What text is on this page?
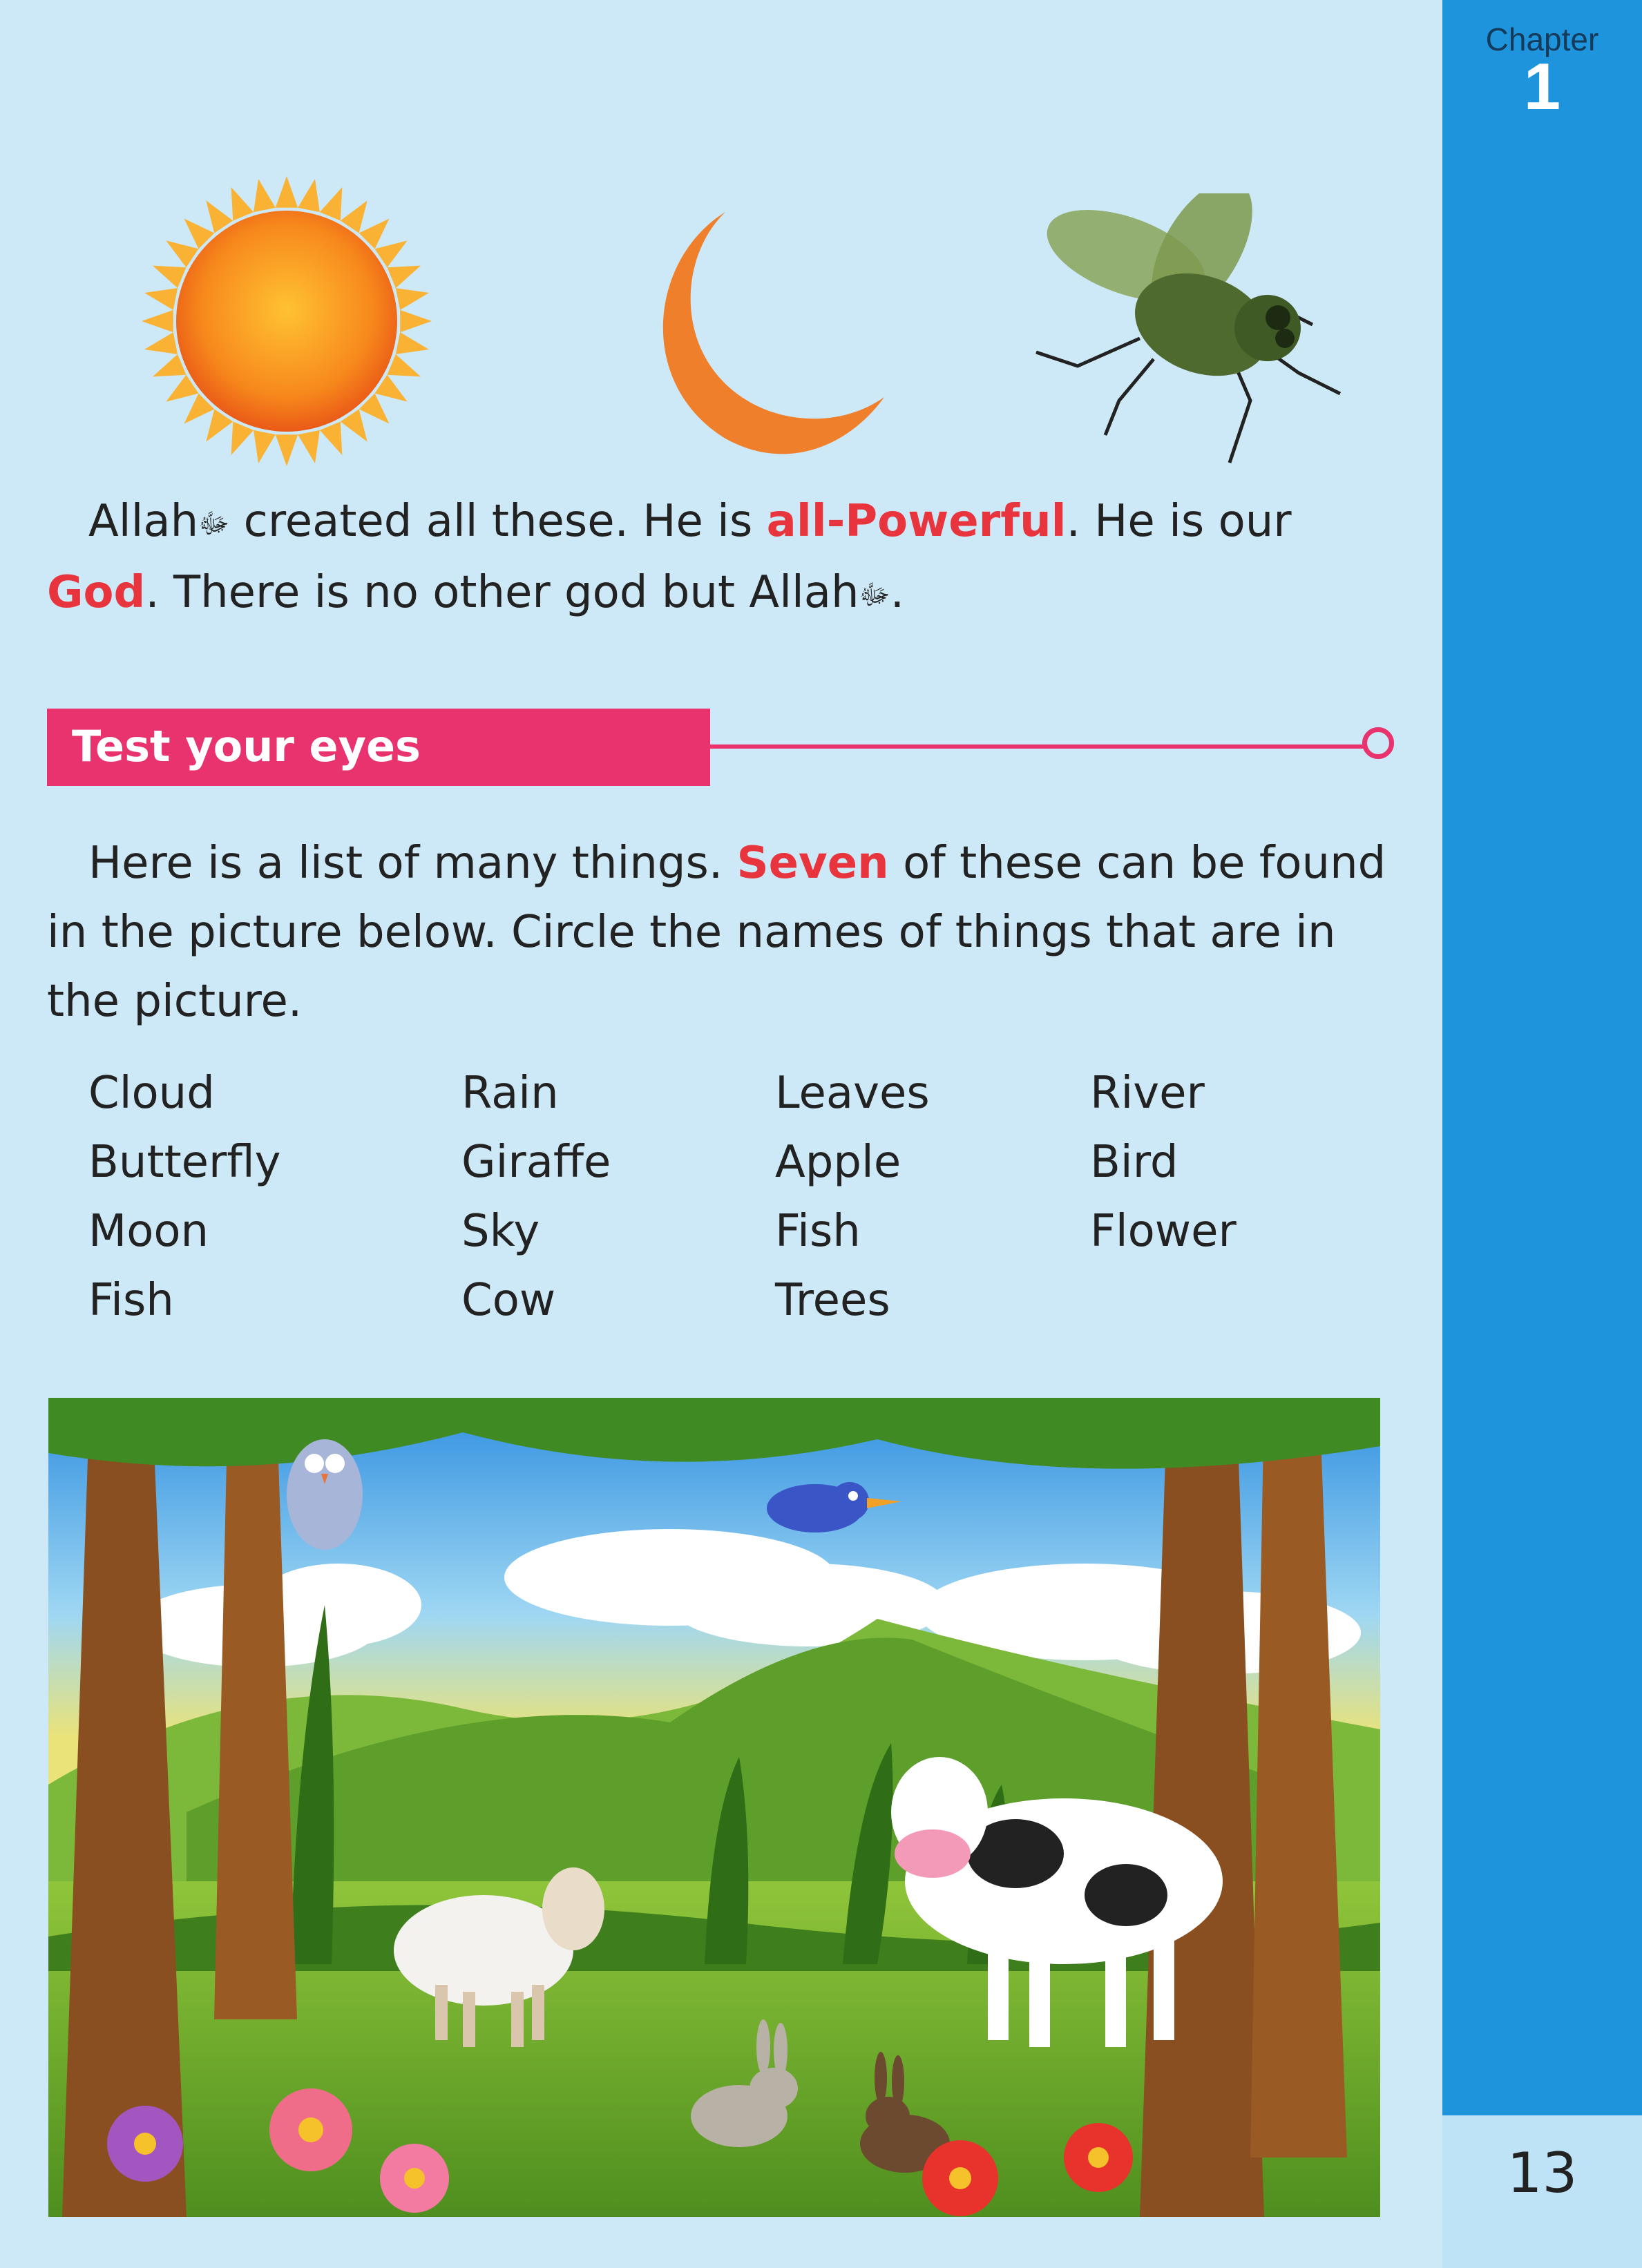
Chapter
1
13
Allahﷻ created all these. He is all-Powerful. He is our
God. There is no other god but Allahﷻ.
Test your eyes
Here is a list of many things. Seven of these can be found
in the picture below. Circle the names of things that are in
the picture.
Cloud
Butterfly
Moon
Fish
Rain
Giraffe
Sky
Cow
Leaves
Apple
Fish
Trees
River
Bird
Flower
